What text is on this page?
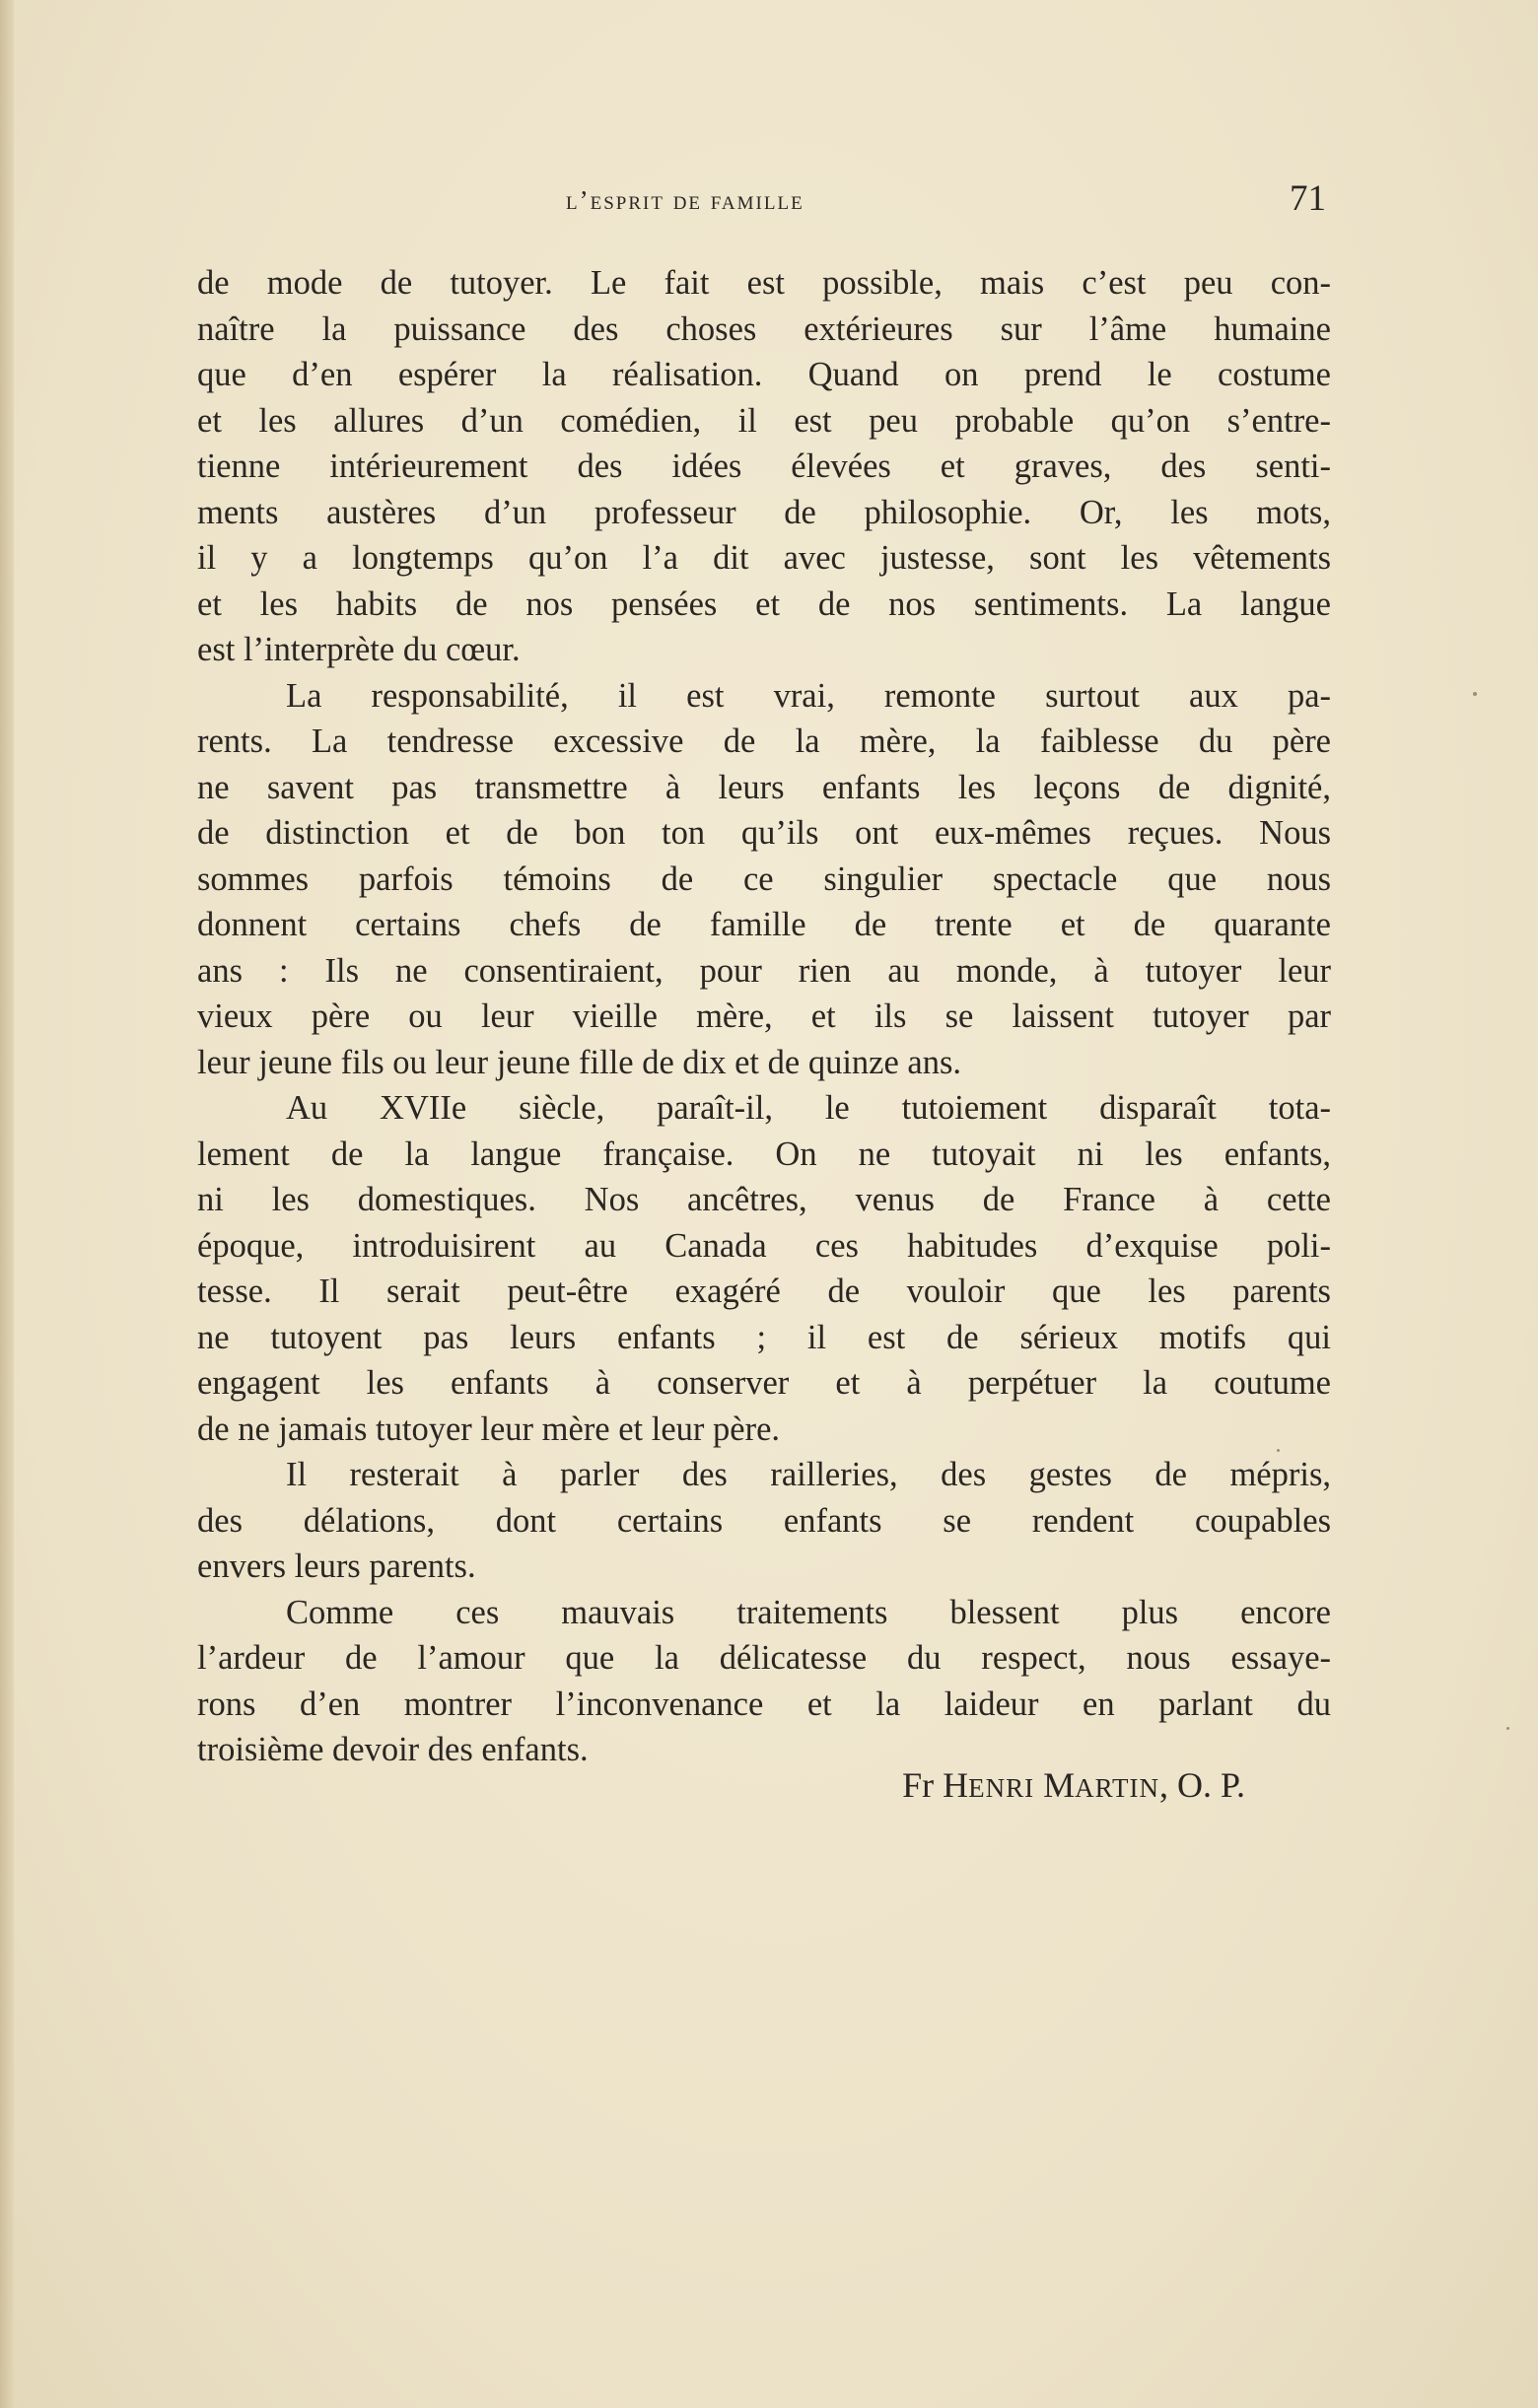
l’esprit de famille	71
de mode de tutoyer. Le fait est possible, mais c’est peu con-
naître la puissance des choses extérieures sur l’âme humaine
que d’en espérer la réalisation. Quand on prend le costume
et les allures d’un comédien, il est peu probable qu’on s’entre-
tienne intérieurement des idées élevées et graves, des senti-
ments austères d’un professeur de philosophie. Or, les mots,
il y a longtemps qu’on l’a dit avec justesse, sont les vêtements
et les habits de nos pensées et de nos sentiments. La langue
est l’interprète du cœur.
La responsabilité, il est vrai, remonte surtout aux pa-
rents. La tendresse excessive de la mère, la faiblesse du père
ne savent pas transmettre à leurs enfants les leçons de dignité,
de distinction et de bon ton qu’ils ont eux-mêmes reçues. Nous
sommes parfois témoins de ce singulier spectacle que nous
donnent certains chefs de famille de trente et de quarante
ans : Ils ne consentiraient, pour rien au monde, à tutoyer leur
vieux père ou leur vieille mère, et ils se laissent tutoyer par
leur jeune fils ou leur jeune fille de dix et de quinze ans.
Au XVIIe siècle, paraît-il, le tutoiement disparaît tota-
lement de la langue française. On ne tutoyait ni les enfants,
ni les domestiques. Nos ancêtres, venus de France à cette
époque, introduisirent au Canada ces habitudes d’exquise poli-
tesse. Il serait peut-être exagéré de vouloir que les parents
ne tutoyent pas leurs enfants ; il est de sérieux motifs qui
engagent les enfants à conserver et à perpétuer la coutume
de ne jamais tutoyer leur mère et leur père.
Il resterait à parler des railleries, des gestes de mépris,
des délations, dont certains enfants se rendent coupables
envers leurs parents.
Comme ces mauvais traitements blessent plus encore
l’ardeur de l’amour que la délicatesse du respect, nous essaye-
rons d’en montrer l’inconvenance et la laideur en parlant du
troisième devoir des enfants.
Fr HENRI MARTIN, O. P.
